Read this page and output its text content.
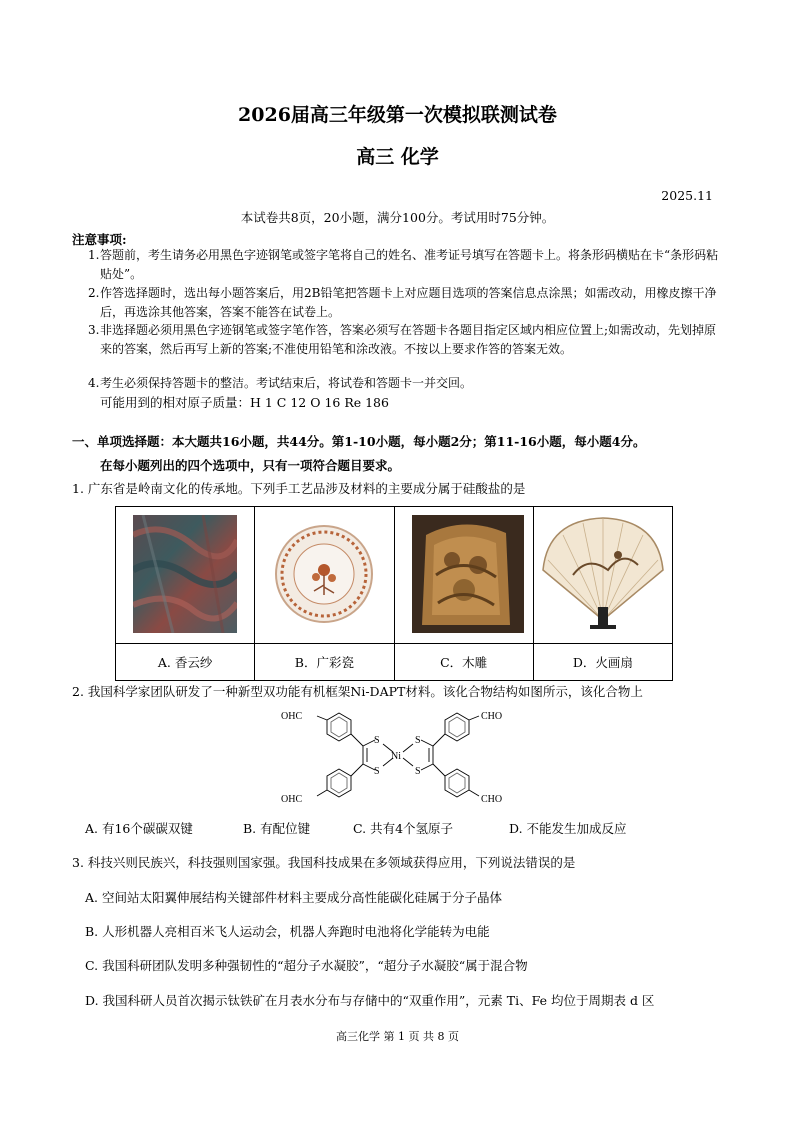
2026届高三年级第一次模拟联测试卷
高三 化学
2025.11
本试卷共8页，20小题，满分100分。考试用时75分钟。
注意事项:
1.答题前，考生请务必用黑色字迹钢笔或签字笔将自己的姓名、准考证号填写在答题卡上。将条形码横贴在卡“条形码粘贴处”。
2.作答选择题时，选出每小题答案后，用2B铅笔把答题卡上对应题目选项的答案信息点涂黑；如需改动，用橡皮擦干净后，再选涂其他答案，答案不能答在试卷上。
3.非选择题必须用黑色字迹钢笔或签字笔作答，答案必须写在答题卡各题目指定区域内相应位置上;如需改动，先划掉原来的答案，然后再写上新的答案;不准使用铅笔和涂改液。不按以上要求作答的答案无效。
4.考生必须保持答题卡的整洁。考试结束后，将试卷和答题卡一并交回。
可能用到的相对原子质量：H 1 C 12 O 16 Re 186
一、单项选择题：本大题共16小题，共44分。第1-10小题，每小题2分；第11-16小题，每小题4分。
在每小题列出的四个选项中，只有一项符合题目要求。
1. 广东省是岭南文化的传承地。下列手工艺品涉及材料的主要成分属于硅酸盐的是

A. 香云纱	B．广彩瓷	C．木雕	D．火画扇
2. 我国科学家团队研发了一种新型双功能有机框架Ni-DAPT材料。该化合物结构如图所示，该化合物上
OHC	CHO
OHC	CHO
S
S
S
S
Ni
A. 有16个碳碳双键	B. 有配位键	C. 共有4个氢原子	D. 不能发生加成反应
3. 科技兴则民族兴，科技强则国家强。我国科技成果在多领域获得应用，下列说法错误的是
A. 空间站太阳翼伸展结构关键部件材料主要成分高性能碳化硅属于分子晶体
B. 人形机器人亮相百米飞人运动会，机器人奔跑时电池将化学能转为电能
C. 我国科研团队发明多种强韧性的“超分子水凝胶”，“超分子水凝胶“属于混合物
D. 我国科研人员首次揭示钛铁矿在月表水分布与存储中的“双重作用”，元素 Ti、Fe 均位于周期表 d 区
高三化学 第 1 页 共 8 页
